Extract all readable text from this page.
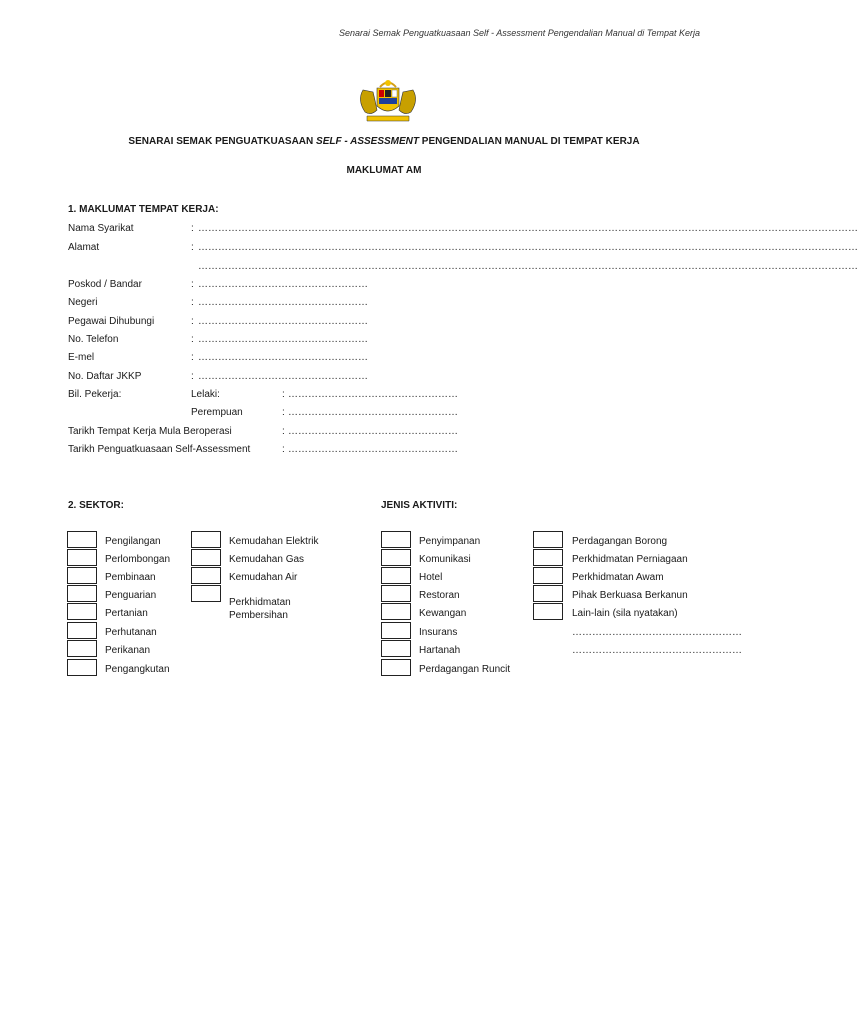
Senarai Semak Penguatkuasaan Self - Assessment Pengendalian Manual di Tempat Kerja
SENARAI SEMAK PENGUATKUASAAN SELF - ASSESSMENT PENGENDALIAN MANUAL DI TEMPAT KERJA
MAKLUMAT AM
1. MAKLUMAT TEMPAT KERJA:
Nama Syarikat	: ………………………………………………………………………………………………………………………………………………………………………………
Alamat	: ………………………………………………………………………………………………………………………………………………………………………………
………………………………………………………………………………………………………………………………………………………………………………
Poskod / Bandar	: ……………………………………………
Negeri	: ……………………………………………
Pegawai Dihubungi	: ……………………………………………
No. Telefon	: ……………………………………………
E-mel	: ……………………………………………
No. Daftar JKKP	: ……………………………………………
Bil. Pekerja:	Lelaki:	: ……………………………………………
Perempuan	: ……………………………………………
Tarikh Tempat Kerja Mula Beroperasi	: ……………………………………………
Tarikh Penguatkuasaan Self-Assessment	: ……………………………………………
2. SEKTOR:	JENIS AKTIVITI:
Pengilangan
Perlombongan
Pembinaan
Penguarian
Pertanian
Perhutanan
Perikanan
Pengangkutan
Kemudahan Elektrik
Kemudahan Gas
Kemudahan Air
Perkhidmatan Pembersihan
Penyimpanan
Komunikasi
Hotel
Restoran
Kewangan
Insurans
Hartanah
Perdagangan Runcit
Perdagangan Borong
Perkhidmatan Perniagaan
Perkhidmatan Awam
Pihak Berkuasa Berkanun
Lain-lain (sila nyatakan)
……………………………………………
……………………………………………
